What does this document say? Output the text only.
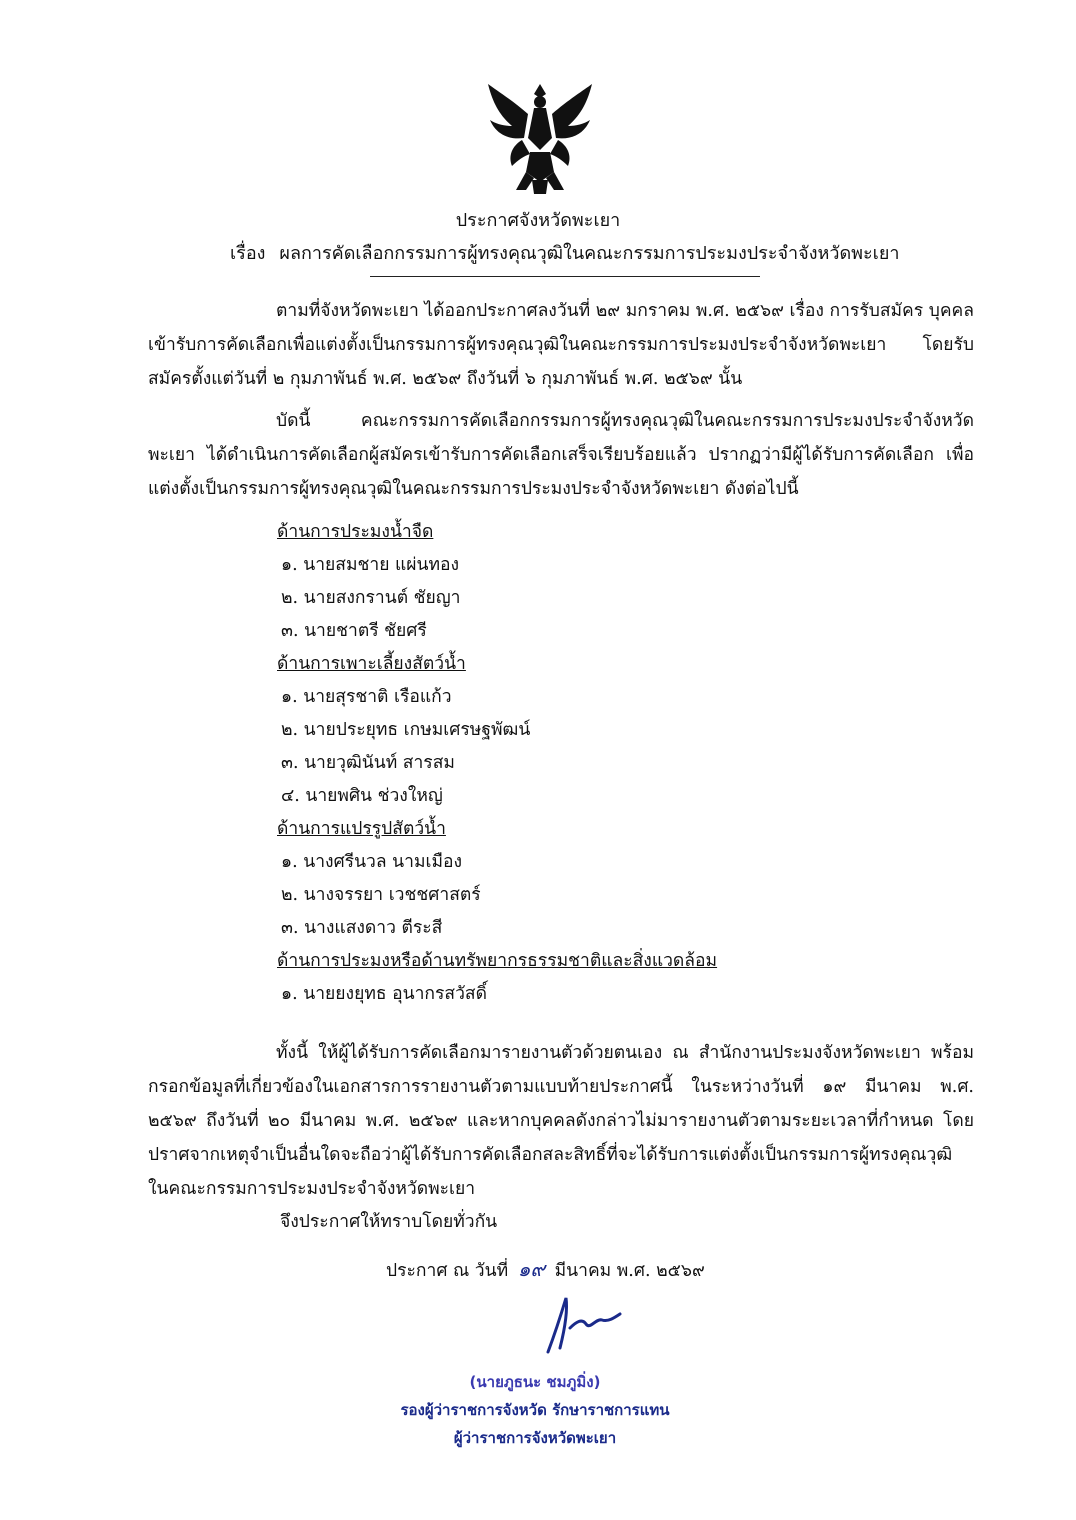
ประกาศจังหวัดพะเยา
เรื่อง ผลการคัดเลือกกรรมการผู้ทรงคุณวุฒิในคณะกรรมการประมงประจำจังหวัดพะเยา
ตามที่จังหวัดพะเยา ได้ออกประกาศลงวันที่ ๒๙ มกราคม พ.ศ. ๒๕๖๙ เรื่อง การรับสมัคร บุคคลเข้ารับการคัดเลือกเพื่อแต่งตั้งเป็นกรรมการผู้ทรงคุณวุฒิในคณะกรรมการประมงประจำจังหวัดพะเยา โดยรับสมัครตั้งแต่วันที่ ๒ กุมภาพันธ์ พ.ศ. ๒๕๖๙ ถึงวันที่ ๖ กุมภาพันธ์ พ.ศ. ๒๕๖๙ นั้น
บัดนี้ คณะกรรมการคัดเลือกกรรมการผู้ทรงคุณวุฒิในคณะกรรมการประมงประจำจังหวัดพะเยา ได้ดำเนินการคัดเลือกผู้สมัครเข้ารับการคัดเลือกเสร็จเรียบร้อยแล้ว ปรากฏว่ามีผู้ได้รับการคัดเลือก เพื่อแต่งตั้งเป็นกรรมการผู้ทรงคุณวุฒิในคณะกรรมการประมงประจำจังหวัดพะเยา ดังต่อไปนี้
ด้านการประมงน้ำจืด
๑. นายสมชาย แผ่นทอง
๒. นายสงกรานต์ ชัยญา
๓. นายชาตรี ชัยศรี
ด้านการเพาะเลี้ยงสัตว์น้ำ
๑. นายสุรชาติ เรือแก้ว
๒. นายประยุทธ เกษมเศรษฐพัฒน์
๓. นายวุฒินันท์ สารสม
๔. นายพศิน ช่วงใหญ่
ด้านการแปรรูปสัตว์น้ำ
๑. นางศรีนวล นามเมือง
๒. นางจรรยา เวชชศาสตร์
๓. นางแสงดาว ตีระสี
ด้านการประมงหรือด้านทรัพยากรธรรมชาติและสิ่งแวดล้อม
๑. นายยงยุทธ อุนากรสวัสดิ์
ทั้งนี้ ให้ผู้ได้รับการคัดเลือกมารายงานตัวด้วยตนเอง ณ สำนักงานประมงจังหวัดพะเยา พร้อมกรอกข้อมูลที่เกี่ยวข้องในเอกสารการรายงานตัวตามแบบท้ายประกาศนี้ ในระหว่างวันที่ ๑๙ มีนาคม พ.ศ. ๒๕๖๙ ถึงวันที่ ๒๐ มีนาคม พ.ศ. ๒๕๖๙ และหากบุคคลดังกล่าวไม่มารายงานตัวตามระยะเวลาที่กำหนด โดยปราศจากเหตุจำเป็นอื่นใดจะถือว่าผู้ได้รับการคัดเลือกสละสิทธิ์ที่จะได้รับการแต่งตั้งเป็นกรรมการผู้ทรงคุณวุฒิ ในคณะกรรมการประมงประจำจังหวัดพะเยา
จึงประกาศให้ทราบโดยทั่วกัน
ประกาศ ณ วันที่ ๑๙ มีนาคม พ.ศ. ๒๕๖๙
(นายภูธนะ ชมภูมิ่ง)
รองผู้ว่าราชการจังหวัด รักษาราชการแทน
ผู้ว่าราชการจังหวัดพะเยา
